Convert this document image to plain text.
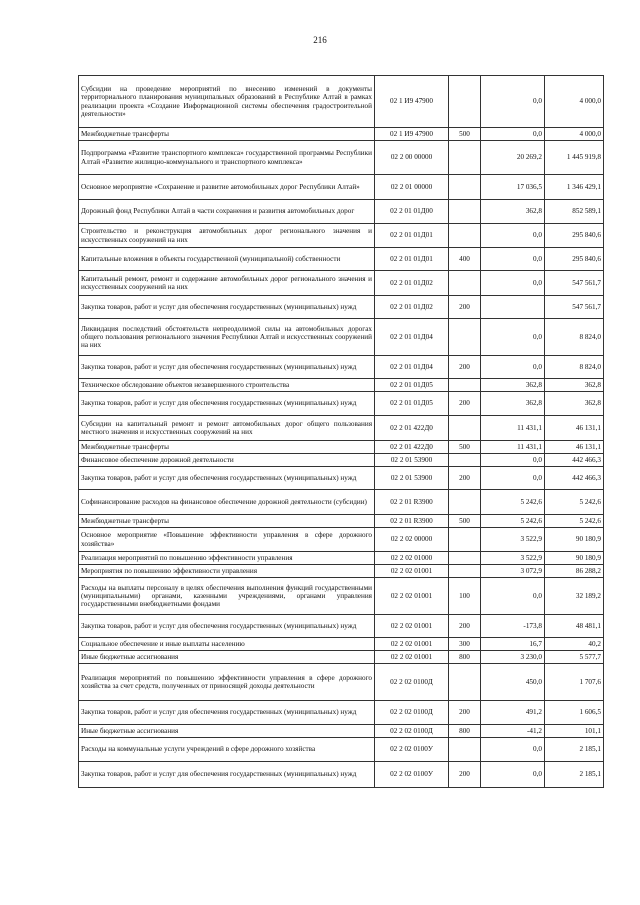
216
Субсидии на проведение мероприятий по внесению изменений в документы территориального планирования муниципальных образований в Республике Алтай в рамках реализации проекта «Создание Информационной системы обеспечения градостроительной деятельности»	02 1 И9 47900		0,0	4 000,0
Межбюджетные трансферты	02 1 И9 47900	500	0,0	4 000,0
Подпрограмма «Развитие транспортного комплекса» государственной программы Республики Алтай «Развитие жилищно-коммунального и транспортного комплекса»	02 2 00 00000		20 269,2	1 445 919,8
Основное мероприятие «Сохранение и развитие автомобильных дорог Республики Алтай»	02 2 01 00000		17 036,5	1 346 429,1
Дорожный фонд Республики Алтай в части сохранения и развития автомобильных дорог	02 2 01 01Д00		362,8	852 589,1
Строительство и реконструкция автомобильных дорог регионального значения и искусственных сооружений на них	02 2 01 01Д01		0,0	295 840,6
Капитальные вложения в объекты государственной (муниципальной) собственности	02 2 01 01Д01	400	0,0	295 840,6
Капитальный ремонт, ремонт и содержание автомобильных дорог регионального значения и искусственных сооружений на них	02 2 01 01Д02		0,0	547 561,7
Закупка товаров, работ и услуг для обеспечения государственных (муниципальных) нужд	02 2 01 01Д02	200		547 561,7
Ликвидация последствий обстоятельств непреодолимой силы на автомобильных дорогах общего пользования регионального значения Республики Алтай и искусственных сооружений на них	02 2 01 01Д04		0,0	8 824,0
Закупка товаров, работ и услуг для обеспечения государственных (муниципальных) нужд	02 2 01 01Д04	200	0,0	8 824,0
Техническое обследование объектов незавершенного строительства	02 2 01 01Д05		362,8	362,8
Закупка товаров, работ и услуг для обеспечения государственных (муниципальных) нужд	02 2 01 01Д05	200	362,8	362,8
Субсидии на капитальный ремонт и ремонт автомобильных дорог общего пользования местного значения и искусственных сооружений на них	02 2 01 422Д0		11 431,1	46 131,1
Межбюджетные трансферты	02 2 01 422Д0	500	11 431,1	46 131,1
Финансовое обеспечение дорожной деятельности	02 2 01 53900		0,0	442 466,3
Закупка товаров, работ и услуг для обеспечения государственных (муниципальных) нужд	02 2 01 53900	200	0,0	442 466,3
Софинансирование расходов на финансовое обеспечение дорожной деятельности (субсидии)	02 2 01 R3900		5 242,6	5 242,6
Межбюджетные трансферты	02 2 01 R3900	500	5 242,6	5 242,6
Основное мероприятие «Повышение эффективности управления в сфере дорожного хозяйства»	02 2 02 00000		3 522,9	90 180,9
Реализация мероприятий по повышению эффективности управления	02 2 02 01000		3 522,9	90 180,9
Мероприятия по повышению эффективности управления	02 2 02 01001		3 072,9	86 288,2
Расходы на выплаты персоналу в целях обеспечения выполнения функций государственными (муниципальными) органами, казенными учреждениями, органами управления государственными внебюджетными фондами	02 2 02 01001	100	0,0	32 189,2
Закупка товаров, работ и услуг для обеспечения государственных (муниципальных) нужд	02 2 02 01001	200	-173,8	48 481,1
Социальное обеспечение и иные выплаты населению	02 2 02 01001	300	16,7	40,2
Иные бюджетные ассигнования	02 2 02 01001	800	3 230,0	5 577,7
Реализация мероприятий по повышению эффективности управления в сфере дорожного хозяйства за счет средств, полученных от приносящей доходы деятельности	02 2 02 0100Д		450,0	1 707,6
Закупка товаров, работ и услуг для обеспечения государственных (муниципальных) нужд	02 2 02 0100Д	200	491,2	1 606,5
Иные бюджетные ассигнования	02 2 02 0100Д	800	-41,2	101,1
Расходы на коммунальные услуги учреждений в сфере дорожного хозяйства	02 2 02 0100У		0,0	2 185,1
Закупка товаров, работ и услуг для обеспечения государственных (муниципальных) нужд	02 2 02 0100У	200	0,0	2 185,1
